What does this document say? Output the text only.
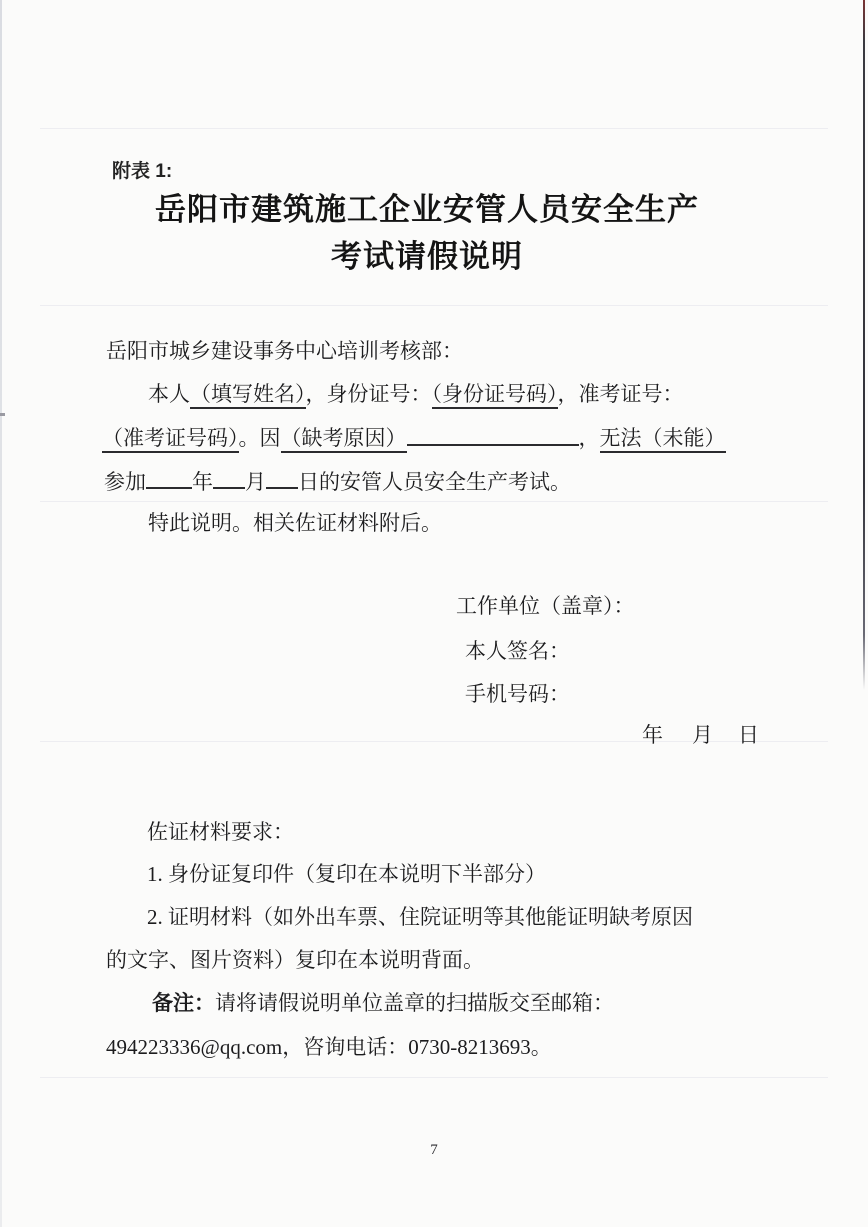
附表 1:
岳阳市建筑施工企业安管人员安全生产
考试请假说明
岳阳市城乡建设事务中心培训考核部：
本人（填写姓名），身份证号：（身份证号码），准考证号：
（准考证号码）。因（缺考原因）	，无法（未能）
参加 年 月 日的安管人员安全生产考试。
特此说明。相关佐证材料附后。
工作单位（盖章）：
本人签名：
手机号码：
年 月 日
佐证材料要求：
1. 身份证复印件（复印在本说明下半部分）
2. 证明材料（如外出车票、住院证明等其他能证明缺考原因
的文字、图片资料）复印在本说明背面。
备注：请将请假说明单位盖章的扫描版交至邮箱：
494223336@qq.com，咨询电话：0730-8213693。
7
